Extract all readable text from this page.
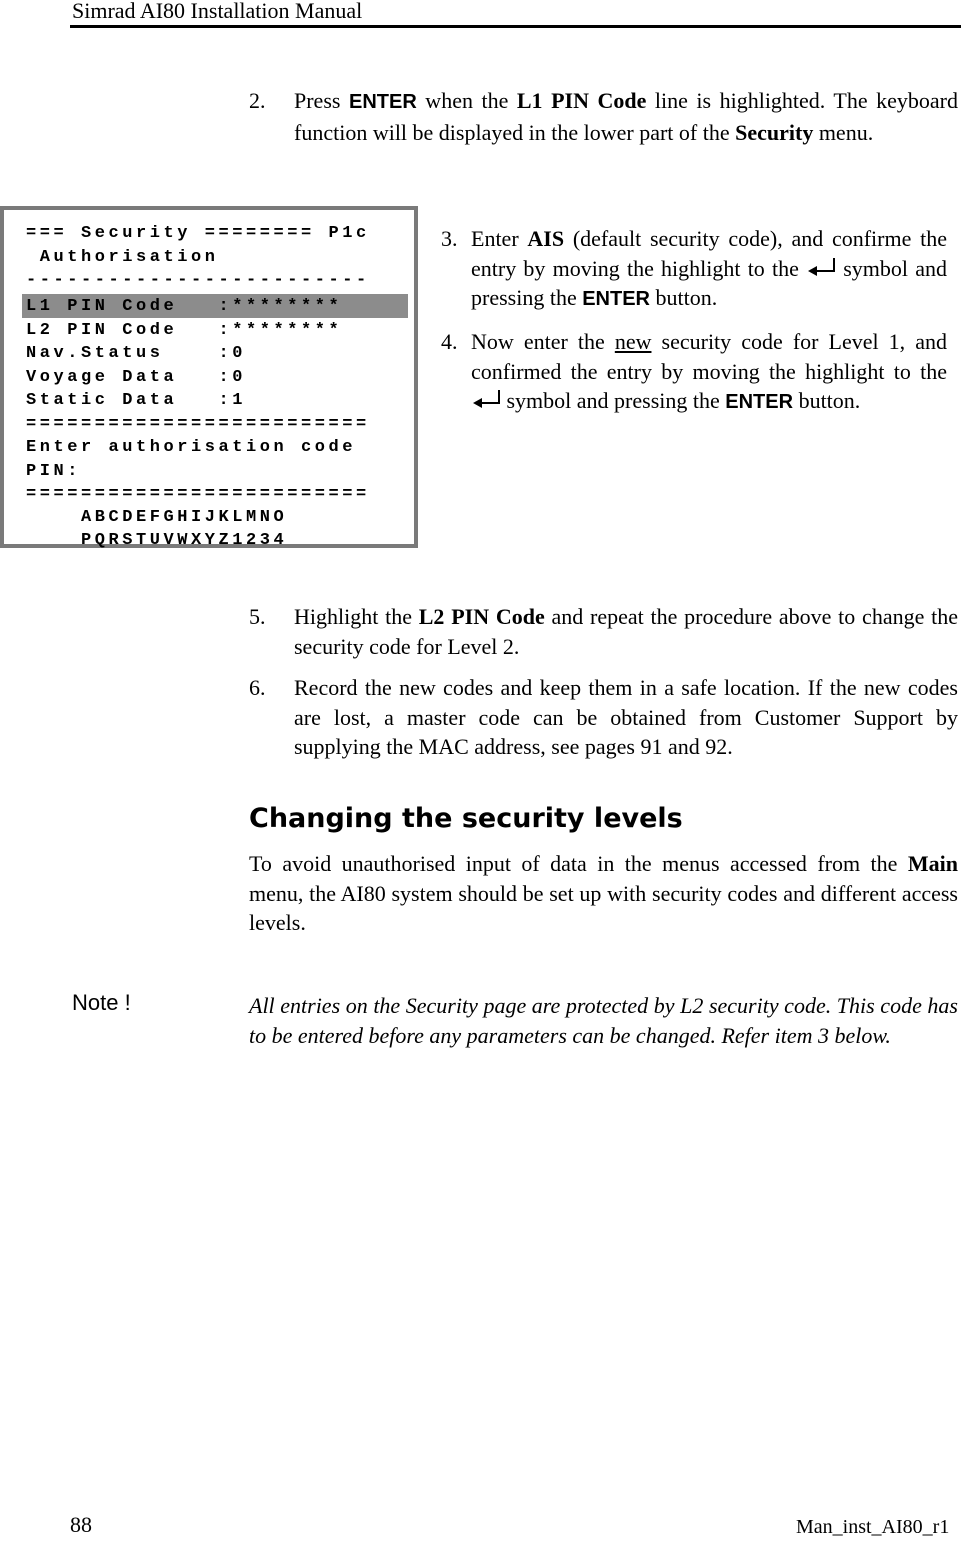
Simrad AI80 Installation Manual
2. Press ENTER when the L1 PIN Code line is highlighted. The keyboard function will be displayed in the lower part of the Security menu.
=== Security ======== P1c
Authorisation
-------------------------
L1 PIN Code   :********
L2 PIN Code   :********
Nav.Status    :0
Voyage Data   :0
Static Data   :1
=========================
Enter authorisation code
PIN:
=========================
ABCDEFGHIJKLMNO
PQRSTUVWXYZ1234
3. Enter AIS (default security code), and confirme the entry by moving the highlight to the
symbol and pressing the ENTER button.
4. Now enter the new security code for Level 1, and confirmed the entry by moving the highlight to the
symbol and pressing the ENTER button.
5. Highlight the L2 PIN Code and repeat the procedure above to change the security code for Level 2.
6. Record the new codes and keep them in a safe location. If the new codes are lost, a master code can be obtained from Customer Support by supplying the MAC address, see pages 91 and 92.
Changing the security levels
To avoid unauthorised input of data in the menus accessed from the Main menu, the AI80 system should be set up with security codes and different access levels.
Note !	All entries on the Security page are protected by L2 security code. This code has to be entered before any parameters can be changed. Refer item 3 below.
88	Man_inst_AI80_r1
